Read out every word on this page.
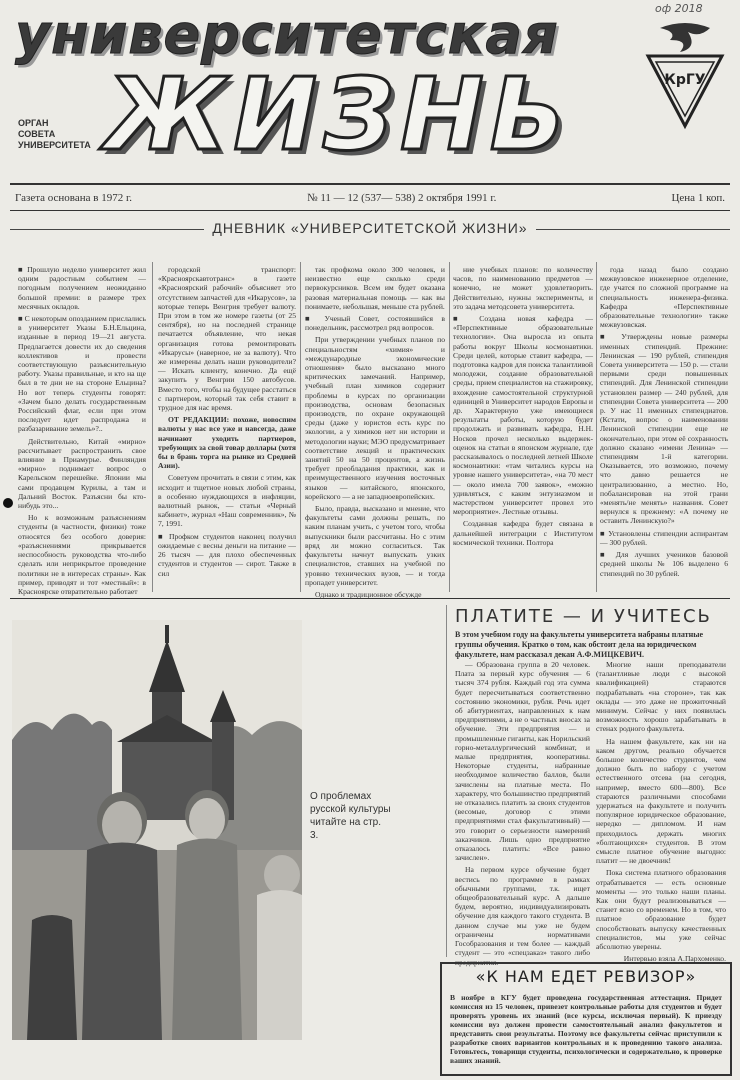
оф 2018
университетская
ЖИЗНЬ
ОРГАН
СОВЕТА
УНИВЕРСИТЕТА
КрГУ
Газета основана в 1972 г.	№ 11 — 12 (537— 538) 2 октября 1991 г.	Цена 1 коп.
ДНЕВНИК «УНИВЕРСИТЕТСКОЙ ЖИЗНИ»

■ Прошлую неделю университет жил одним радостным событием — погодным получением неожиданно большой премии: в размере трех месячных окладов.

■ С некоторым опозданием прислались в университет Указы Б.Н.Ельцина, изданные в период 19—21 августа. Предлагается довести их до сведения коллективов и провести соответствующую разъяснительную работу. Указы правильные, и кто на ще был в те дни не на стороне Ельцина? Но вот теперь студенты говорят: «Зачем было делать государственным Российский флаг, если при этом последует идет распродажа и разбазаривание земель»?..

Действительно, Китай «мирно» рассчитывает распространить свое влияние в Приамурье. Финляндия «мирно» поднимает вопрос о Карельском перешейке. Японии мы сами продавцем Курилы, а там и Дальний Восток. Разъясни бы кто-нибудь это...

Но к возможным разъяснениям студенты (в частности, физики) тоже относятся без особого доверия: «разъяснениями прикрывается неспособность руководства что-либо сделать или неприкрытое проведение политики не в интересах страны». Как пример, приводят и тот «местный»: в Красноярске отвратительно работает

городской транспорт: «Красноярскавтотранс» в газете «Красноярский рабочий» объясняет это отсутствием запчастей для «Икарусов», за которые теперь Венгрия требует валюту. При этом в том же номере газеты (от 25 сентября), но на последней странице печатается объявление, что некая организация готова ремонтировать «Икарусы» (наверное, не за валюту). Что же измерены делать наши руководители? — Искать клиенту, конечно. Да ещё закупить у Венгрии 150 автобусов. Вместо того, чтобы на будущее расстаться с партнером, который так себя ставит в трудное для нас время.

ОТ РЕДАКЦИИ: похоже, новоспим валюты у нас все уже и навсегда, даже начинают уходить партнеров, требующих за свой товар доллары (хотя бы в брань торга на рынке из Средней Азии).

Советуем прочитать в связи с этим, как исходит и тщетное новых любой страны, в особенно нуждающихся в инфляции, валютный рынок, — статьи «Черный кабинет», журнал «Наш современник», № 7, 1991.

■ Профком студентов наконец получил ожидаемые с весны деньги на питание — 26 тысяч — для плохо обеспеченных студентов и студентов — сирот. Также в сил

так профкома около 300 человек, и неизвестно еще сколько среди первокурсников. Всем им будет оказана разовая материальная помощь — как вы понимаете, небольшая, меньше ста рублей.

■ Ученый Совет, состоявшийся в понедельник, рассмотрел ряд вопросов.

При утверждении учебных планов по специальностям «химия» и «международные экономические отношения» было высказано много критических замечаний. Например, учебный план химиков содержит проблемы в курсах по организации производства, основам безопасных производств, по охране окружающей среды (даже у юристов есть курс по экологии, а у химиков нет ни истории и методологии науки; МЭО предусматривает соответствие лекций и практических занятий 50 на 50 процентов, а жизнь требует преобладания практики, как и преимущественного изучения восточных языков — китайского, японского, корейского — а не западноевропейских.

Было, правда, высказано и мнение, что факультеты сами должны решать, по каким планам учить, с учетом того, чтобы выпускники были рассчитаны. Но с этим вряд ли можно согласиться. Так факультеты начнут выпускать узких специалистов, ставших на учебной по уровню технических вузов, — и тогда пропадет университет.

Однако и традиционное обсужде

ние учебных планов: по количеству часов, по наименованию предметов — конечно, не может удовлетворить. Действительно, нужны эксперименты, и это задача методсовета университета.

■ Создана новая кафедра — «Перспективные образовательные технологии». Она выросла из опыта работы вокруг Школы космонавтики. Среди целей, которые ставит кафедра, — подготовка кадров для поиска талантливой молодежи, создание образовательной среды, прием специалистов на стажировку, вхождение самостоятельной структурной единицей в Университет народов Европы и др. Характерную уже имеющиеся результаты работы, которую будет продолжать и развивать кафедра, Н.Н. Носков прочел несколько выдержек-оценок на статьи в японском журнале, где рассказывалось о последней летней Школе космонавтики: «там читались курсы на уровне нашего университета», «на 70 мест — около имела 700 заявок», «можно удивляться, с каким энтузиазмом и мастерством университет провел это мероприятие». Лестные отзывы.

Созданная кафедра будет связана в дальнейшей интеграции с Институтом космической техники. Полтора

года назад было создано межвузовское инженерное отделение, где учатся по сложной программе на специальность инженера-физика. Кафедра «Перспективные образовательные технологии» также межвузовская.

■ Утверждены новые размеры именных стипендий. Прежние: Ленинская — 190 рублей, стипендия Совета университета — 150 р. — стали первыми среди повышенных стипендий. Для Ленинской стипендии установлен размер — 240 рублей, для стипендии Совета университета — 200 р. У нас 11 именных стипендиатов. (Кстати, вопрос о наименовании Ленинской стипендии еще не окончательно, при этом её сохранность должно сказано «имени Ленина» — стипендиям 1-й категории. Оказывается, это возможно, почему что давно решается не централизованно, а местно. Но, побалансировав на этой грани «менять/не менять» названия. Совет вернулся к прежнему: «А почему не оставить Ленинскую?»

■ Установлены стипендии аспирантам — 300 рублей.

■ Для лучших учеников базовой средней школы № 106 выделено 6 стипендий по 30 рублей.

О проблемах русской культуры читайте на стр. 3.
ПЛАТИТЕ — И УЧИТЕСЬ
В этом учебном году на факультеты университета набраны платные группы обучения. Кратко о том, как обстоит дела на юридическом факультете, нам рассказал декан А.Ф.МИЦКЕВИЧ.

— Образована группа в 20 человек. Плата за первый курс обучения — 6 тысяч 374 рубля. Каждый год эта сумма будет пересчитываться соответственно состоянию экономики, рубля. Речь идет об абитуриентах, направленных к нам предприятиями, а не о частных вносах за обучение. Эти предприятия — и промышленные гиганты, как Норильский горно-металлургический комбинат, и малые предприятия, кооперативы. Некоторые студенты, набранные необходимое количество баллов, были зачислены на платные места. По характеру, что большинство предприятий не отказались платить за своих студентов (весомые, договор с этими предприятиями стал факультативный) — это говорит о серьезности намерений заказчиков. Лишь одно предприятие отказалось платить: «Все равно зачислен».

На первом курсе обучение будет вестись по программе в рамках обычными группами, т.к. ищет общеобразовательный курс. А дальше будем, вероятно, индивидуализировать обучение для каждого такого студента. В данном случае мы уже не будем ограничены нормативами Гособразования и тем более — каждый студент — это «спецзаказ» такого либо предприятия.

Многие наши преподаватели (талантливые люди с высокой квалификацией) стараются подрабатывать «на стороне», так как оклады — это даже не прожиточный минимум. Сейчас у них появилась возможность хорошо зарабатывать в стенах родного факультета.

На нашем факультете, как ни на каком другом, реально обучается большое количество студентов, чем должно быть по набору с учетом естественного отсева (на сегодня, например, вместо 600—800). Все стараются различными способами удержаться на факультете и получить популярное юридическое образование, нередко — дипломом. И нам приходилось держать многих «болтающихся» студентов. В этом смысле платное обучение выгодно: платит — не двоечник!

Пока система платного образования отрабатывается — есть основные моменты — это только наши планы. Как они будут реализовываться — станет ясно со временем. Но в том, что платное образование будет способствовать выпуску качественных специалистов, мы уже сейчас абсолютно уверены.

Интервью взяла А.Пархоменко.

«К НАМ ЕДЕТ РЕВИЗОР»
В ноябре в КГУ будет проведена государственная аттестация. Придет комиссия из 15 человек, привезет контрольные работы для студентов и будет проверять уровень их знаний (все курсы, исключая первый). К приезду комиссии вуз должен провести самостоятельный анализ факультетов и представить свои результаты. Поэтому все факультеты сейчас приступили к разработке своих вариантов контрольных и к проведению такого анализа. Готовьтесь, товарищи студенты, психологически и содержательно, к проверке ваших знаний.
